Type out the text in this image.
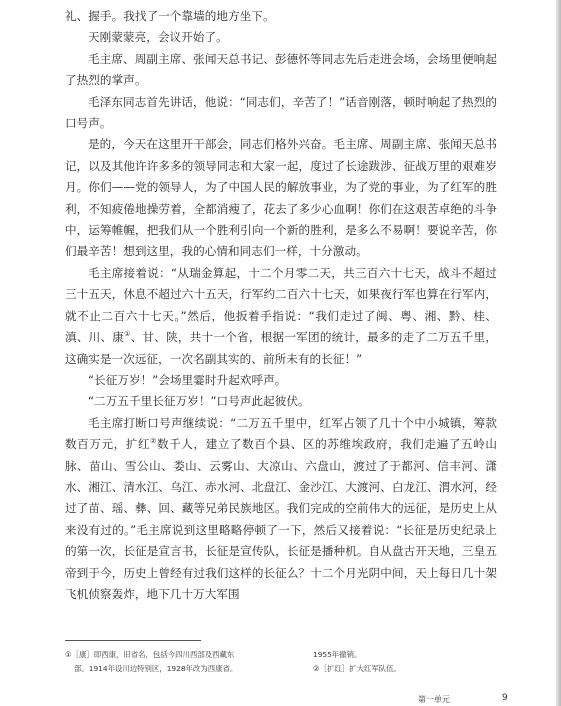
礼、握手。我找了一个靠墙的地方坐下。

天刚蒙蒙亮，会议开始了。

毛主席、周副主席、张闻天总书记、彭德怀等同志先后走进会场，会场里便响起了热烈的掌声。

毛泽东同志首先讲话，他说：“同志们，辛苦了！”话音刚落，顿时响起了热烈的口号声。

是的，今天在这里开干部会，同志们格外兴奋。毛主席、周副主席、张闻天总书记，以及其他许许多多的领导同志和大家一起，度过了长途跋涉、征战万里的艰难岁月。你们——党的领导人，为了中国人民的解放事业，为了党的事业，为了红军的胜利，不知疲倦地操劳着，全都消瘦了，花去了多少心血啊！你们在这艰苦卓绝的斗争中，运筹帷幄，把我们从一个胜利引向一个新的胜利，是多么不易啊！要说辛苦，你们最辛苦！想到这里，我的心情和同志们一样，十分激动。

毛主席接着说：“从瑞金算起，十二个月零二天，共三百六十七天，战斗不超过三十五天，休息不超过六十五天，行军约二百六十七天，如果夜行军也算在行军内，就不止二百六十七天。”然后，他扳着手指说：“我们走过了闽、粤、湘、黔、桂、滇、川、康①、甘、陕，共十一个省，根据一军团的统计，最多的走了二万五千里，这确实是一次远征，一次名副其实的、前所未有的长征！”

“长征万岁！”会场里霎时升起欢呼声。

“二万五千里长征万岁！”口号声此起彼伏。

毛主席打断口号声继续说：“二万五千里中，红军占领了几十个中小城镇，筹款数百万元，扩红②数千人，建立了数百个县、区的苏维埃政府，我们走遍了五岭山脉、苗山、雪公山、娄山、云雾山、大凉山、六盘山，渡过了于都河、信丰河、潇水、湘江、清水江、乌江、赤水河、北盘江、金沙江、大渡河、白龙江、渭水河，经过了苗、瑶、彝、回、藏等兄弟民族地区。我们完成的空前伟大的远征，是历史上从来没有过的。”毛主席说到这里略略停顿了一下，然后又接着说：“长征是历史纪录上的第一次，长征是宣言书，长征是宣传队，长征是播种机。自从盘古开天地，三皇五帝到于今，历史上曾经有过我们这样的长征么？十二个月光阴中间，天上每日几十架飞机侦察轰炸，地下几十万大军围

①［康］即西康，旧省名，包括今四川西部及西藏东
部。1914年设川边特别区，1928年改为西康省。
1955年撤销。
②［扩红］扩大红军队伍。
第一单元	9
